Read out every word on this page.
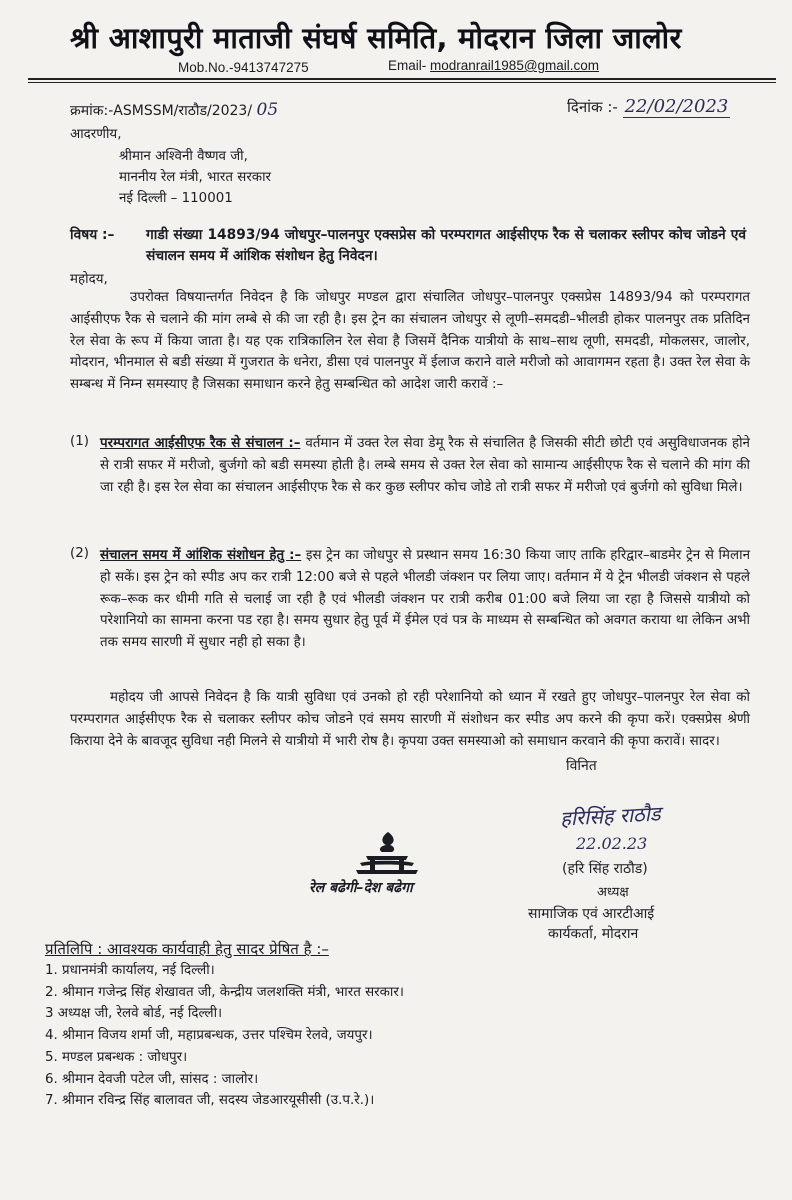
श्री आशापुरी माताजी संघर्ष समिति, मोदरान जिला जालोर
Mob.No.-9413747275	Email- modranrail1985@gmail.com
क्रमांक:-ASMSSM/राठौड/2023/ 05	दिनांक :- 22/02/2023
आदरणीय,
श्रीमान अश्विनी वैष्णव जी,
माननीय रेल मंत्री, भारत सरकार
नई दिल्ली – 110001
विषय :– गाडी संख्या 14893/94 जोधपुर–पालनपुर एक्सप्रेस को परम्परागत आईसीएफ रैक से चलाकर स्लीपर कोच जोडने एवं संचालन समय में आंशिक संशोधन हेतु निवेदन।
महोदय,
उपरोक्त विषयान्तर्गत निवेदन है कि जोधपुर मण्डल द्वारा संचालित जोधपुर–पालनपुर एक्सप्रेस 14893/94 को परम्परागत आईसीएफ रैक से चलाने की मांग लम्बे से की जा रही है। इस ट्रेन का संचालन जोधपुर से लूणी–समदडी–भीलडी होकर पालनपुर तक प्रतिदिन रेल सेवा के रूप में किया जाता है। यह एक रात्रिकालिन रेल सेवा है जिसमें दैनिक यात्रीयो के साथ–साथ लूणी, समदडी, मोकलसर, जालोर, मोदरान, भीनमाल से बडी संख्या में गुजरात के धनेरा, डीसा एवं पालनपुर में ईलाज कराने वाले मरीजो को आवागमन रहता है। उक्त रेल सेवा के सम्बन्ध में निम्न समस्याए है जिसका समाधान करने हेतु सम्बन्धित को आदेश जारी करावें :–
(1) परम्परागत आईसीएफ रैक से संचालन :– वर्तमान में उक्त रेल सेवा डेमू रैक से संचालित है जिसकी सीटी छोटी एवं असुविधाजनक होने से रात्री सफर में मरीजो, बुर्जगो को बडी समस्या होती है। लम्बे समय से उक्त रेल सेवा को सामान्य आईसीएफ रैक से चलाने की मांग की जा रही है। इस रेल सेवा का संचालन आईसीएफ रैक से कर कुछ स्लीपर कोच जोडे तो रात्री सफर में मरीजो एवं बुर्जगो को सुविधा मिले।
(2) संचालन समय में आंशिक संशोधन हेतु :– इस ट्रेन का जोधपुर से प्रस्थान समय 16:30 किया जाए ताकि हरिद्वार–बाडमेर ट्रेन से मिलान हो सकें। इस ट्रेन को स्पीड अप कर रात्री 12:00 बजे से पहले भीलडी जंक्शन पर लिया जाए। वर्तमान में ये ट्रेन भीलडी जंक्शन से पहले रूक–रूक कर धीमी गति से चलाई जा रही है एवं भीलडी जंक्शन पर रात्री करीब 01:00 बजे लिया जा रहा है जिससे यात्रीयो को परेशानियो का सामना करना पड रहा है। समय सुधार हेतु पूर्व में ईमेल एवं पत्र के माध्यम से सम्बन्धित को अवगत कराया था लेकिन अभी तक समय सारणी में सुधार नही हो सका है।
महोदय जी आपसे निवेदन है कि यात्री सुविधा एवं उनको हो रही परेशानियो को ध्यान में रखते हुए जोधपुर–पालनपुर रेल सेवा को परम्परागत आईसीएफ रैक से चलाकर स्लीपर कोच जोडने एवं समय सारणी में संशोधन कर स्पीड अप करने की कृपा करें। एक्सप्रेस श्रेणी किराया देने के बावजूद सुविधा नही मिलने से यात्रीयो में भारी रोष है। कृपया उक्त समस्याओ को समाधान करवाने की कृपा करावें। सादर।
विनित
हरिसिंह राठौड
22.02.23
(हरि सिंह राठौड)
अध्यक्ष
सामाजिक एवं आरटीआई
कार्यकर्ता, मोदरान
रेल बढेगी–देश बढेगा
प्रतिलिपि : आवश्यक कार्यवाही हेतु सादर प्रेषित है :–
1. प्रधानमंत्री कार्यालय, नई दिल्ली।
2. श्रीमान गजेन्द्र सिंह शेखावत जी, केन्द्रीय जलशक्ति मंत्री, भारत सरकार।
3 अध्यक्ष जी, रेलवे बोर्ड, नई दिल्ली।
4. श्रीमान विजय शर्मा जी, महाप्रबन्धक, उत्तर पश्चिम रेलवे, जयपुर।
5. मण्डल प्रबन्धक : जोधपुर।
6. श्रीमान देवजी पटेल जी, सांसद : जालोर।
7. श्रीमान रविन्द्र सिंह बालावत जी, सदस्य जेडआरयूसीसी (उ.प.रे.)।
